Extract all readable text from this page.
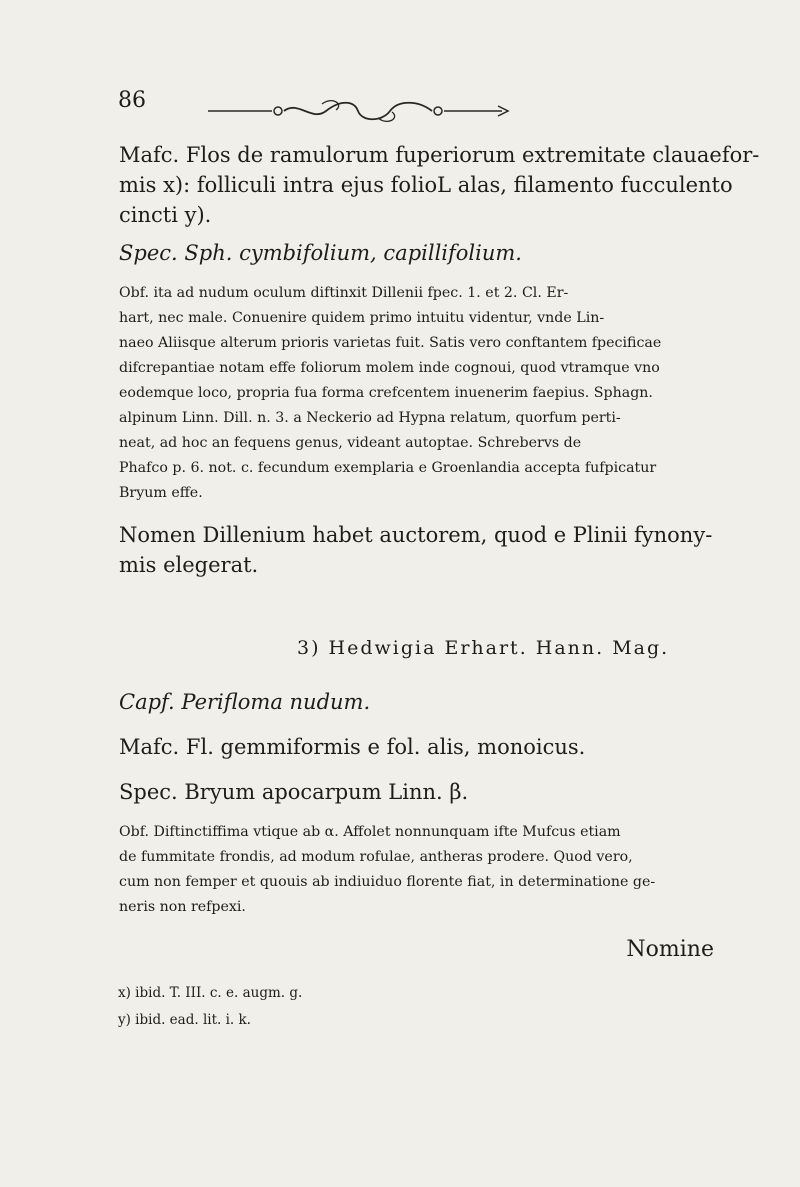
86
Mafc. Flos de ramulorum fuperiorum extremitate clauaefor-
mis x): folliculi intra ejus folioL alas, filamento fucculento
cincti y).
Spec. Sph. cymbifolium, capillifolium.
Obf. ita ad nudum oculum diftinxit Dillenii fpec. 1. et 2. Cl. Er-
hart, nec male. Conuenire quidem primo intuitu videntur, vnde Lin-
naeo Aliisque alterum prioris varietas fuit. Satis vero conftantem fpecificae
difcrepantiae notam effe foliorum molem inde cognoui, quod vtramque vno
eodemque loco, propria fua forma crefcentem inuenerim faepius. Sphagn.
alpinum Linn. Dill. n. 3. a Neckerio ad Hypna relatum, quorfum perti-
neat, ad hoc an fequens genus, videant autoptae. Schrebervs de
Phafco p. 6. not. c. fecundum exemplaria e Groenlandia accepta fufpicatur
Bryum effe.
Nomen Dillenium habet auctorem, quod e Plinii fynony-
mis elegerat.
3) Hedwigia Erhart. Hann. Mag.
Capf. Perifloma nudum.
Mafc. Fl. gemmiformis e fol. alis, monoicus.
Spec. Bryum apocarpum Linn. β.
Obf. Diftinctiffima vtique ab α. Affolet nonnunquam ifte Mufcus etiam
de fummitate frondis, ad modum rofulae, antheras prodere. Quod vero,
cum non femper et quouis ab indiuiduo florente fiat, in determinatione ge-
neris non refpexi.
Nomine
x) ibid. T. III. c. e. augm. g.
y) ibid. ead. lit. i. k.
